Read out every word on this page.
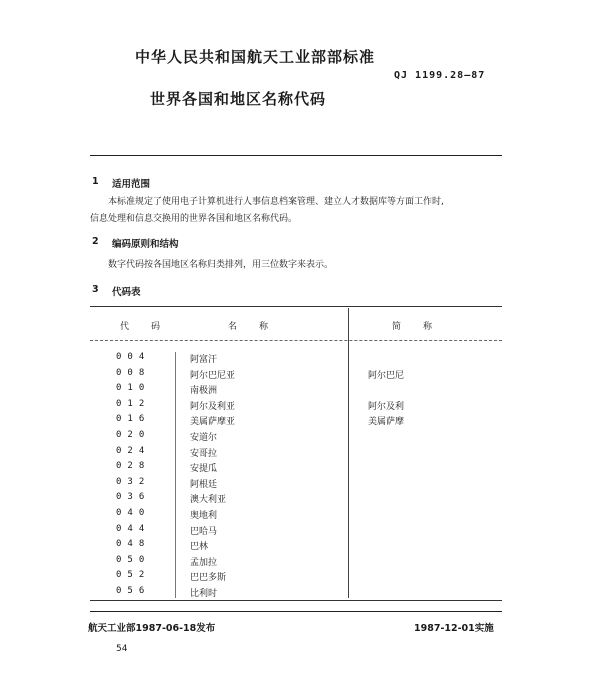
中华人民共和国航天工业部部标准
QJ 1199.28—87
世界各国和地区名称代码
1 适用范围
本标准规定了使用电子计算机进行人事信息档案管理、建立人才数据库等方面工作时,
信息处理和信息交换用的世界各国和地区名称代码。
2 编码原则和结构
数字代码按各国地区名称归类排列，用三位数字来表示。
3 代码表
代码	名称	简称
004	阿富汗
008	阿尔巴尼亚	阿尔巴尼
010	南极洲
012	阿尔及利亚	阿尔及利
016	美属萨摩亚	美属萨摩
020	安道尔
024	安哥拉
028	安提瓜
032	阿根廷
036	澳大利亚
040	奥地利
044	巴哈马
048	巴林
050	孟加拉
052	巴巴多斯
056	比利时
航天工业部1987-06-18发布	1987-12-01实施
54
